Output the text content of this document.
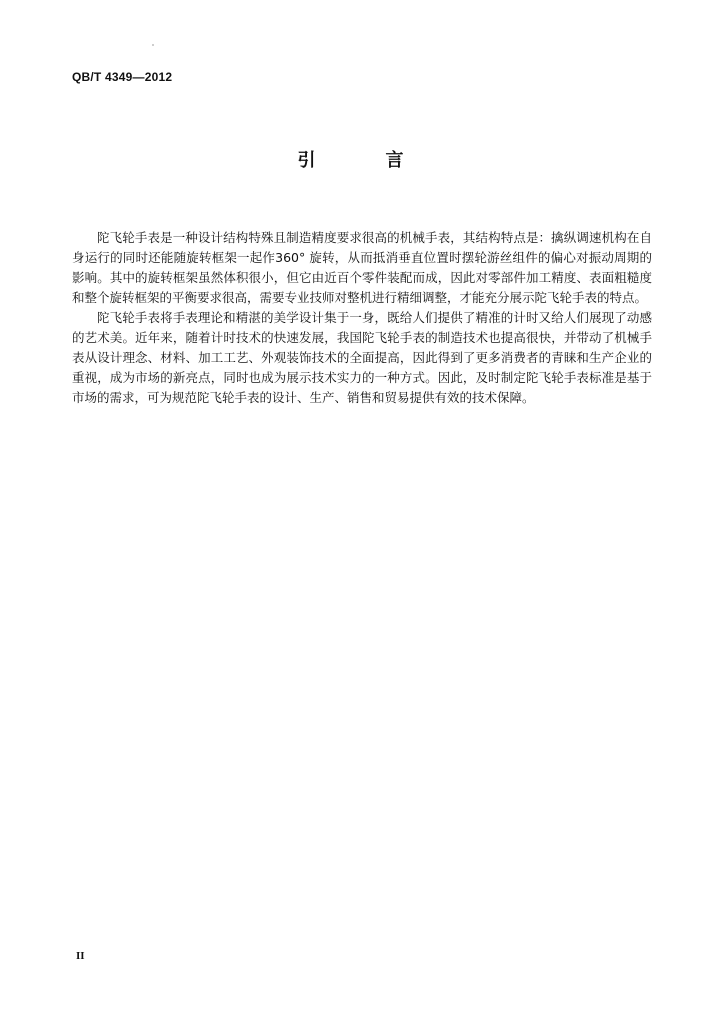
QB/T 4349—2012
引　言

陀飞轮手表是一种设计结构特殊且制造精度要求很高的机械手表，其结构特点是：擒纵调速机构在自身运行的同时还能随旋转框架一起作360° 旋转，从而抵消垂直位置时摆轮游丝组件的偏心对振动周期的影响。其中的旋转框架虽然体积很小，但它由近百个零件装配而成，因此对零部件加工精度、表面粗糙度和整个旋转框架的平衡要求很高，需要专业技师对整机进行精细调整，才能充分展示陀飞轮手表的特点。

陀飞轮手表将手表理论和精湛的美学设计集于一身，既给人们提供了精准的计时又给人们展现了动感的艺术美。近年来，随着计时技术的快速发展，我国陀飞轮手表的制造技术也提高很快，并带动了机械手表从设计理念、材料、加工工艺、外观装饰技术的全面提高，因此得到了更多消费者的青睐和生产企业的重视，成为市场的新亮点，同时也成为展示技术实力的一种方式。因此，及时制定陀飞轮手表标准是基于市场的需求，可为规范陀飞轮手表的设计、生产、销售和贸易提供有效的技术保障。

II
